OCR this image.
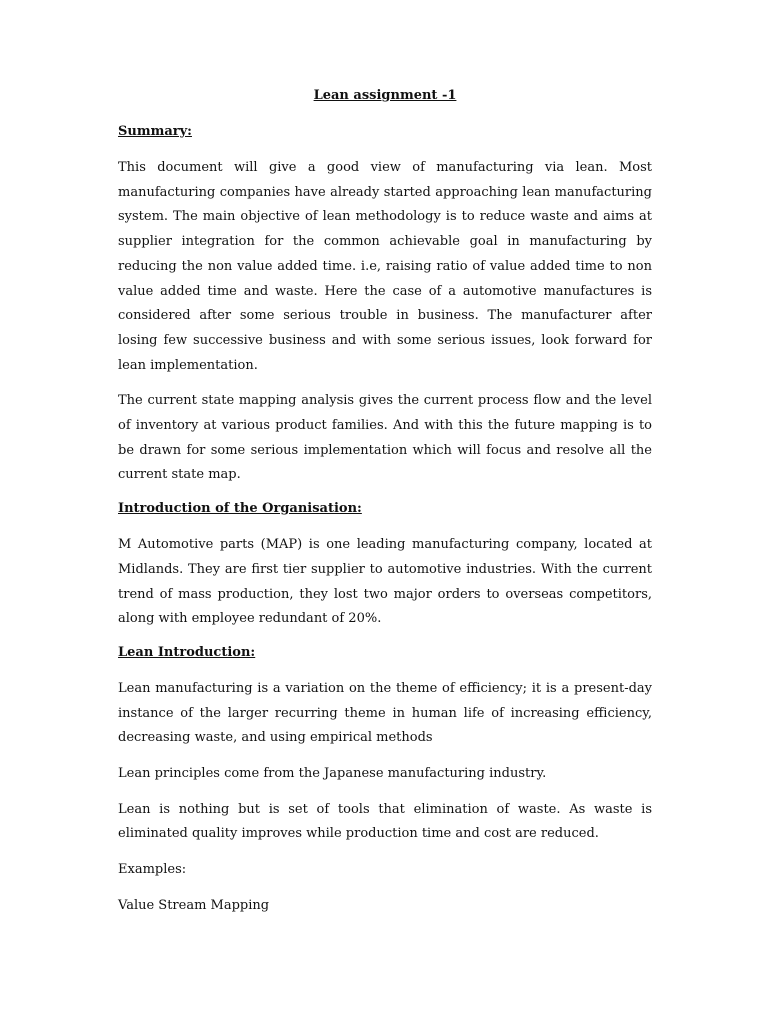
Lean assignment -1
Summary:

This document will give a good view of manufacturing via lean. Most manufacturing companies have already started approaching lean manufacturing system. The main objective of lean methodology is to reduce waste and aims at supplier integration for the common achievable goal in manufacturing by reducing the non value added time. i.e, raising ratio of value added time to non value added time and waste. Here the case of a automotive manufactures is considered after some serious trouble in business. The manufacturer after losing few successive business and with some serious issues, look forward for lean implementation.

The current state mapping analysis gives the current process flow and the level of inventory at various product families. And with this the future mapping is to be drawn for some serious implementation which will focus and resolve all the current state map.

Introduction of the Organisation:

M Automotive parts (MAP) is one leading manufacturing company, located at Midlands. They are first tier supplier to automotive industries. With the current trend of mass production, they lost two major orders to overseas competitors, along with employee redundant of 20%.

Lean Introduction:

Lean manufacturing is a variation on the theme of efficiency; it is a present-day instance of the larger recurring theme in human life of increasing efficiency, decreasing waste, and using empirical methods

Lean principles come from the Japanese manufacturing industry.

Lean is nothing but is set of tools that elimination of waste. As waste is eliminated quality improves while production time and cost are reduced.

Examples:

Value Stream Mapping
